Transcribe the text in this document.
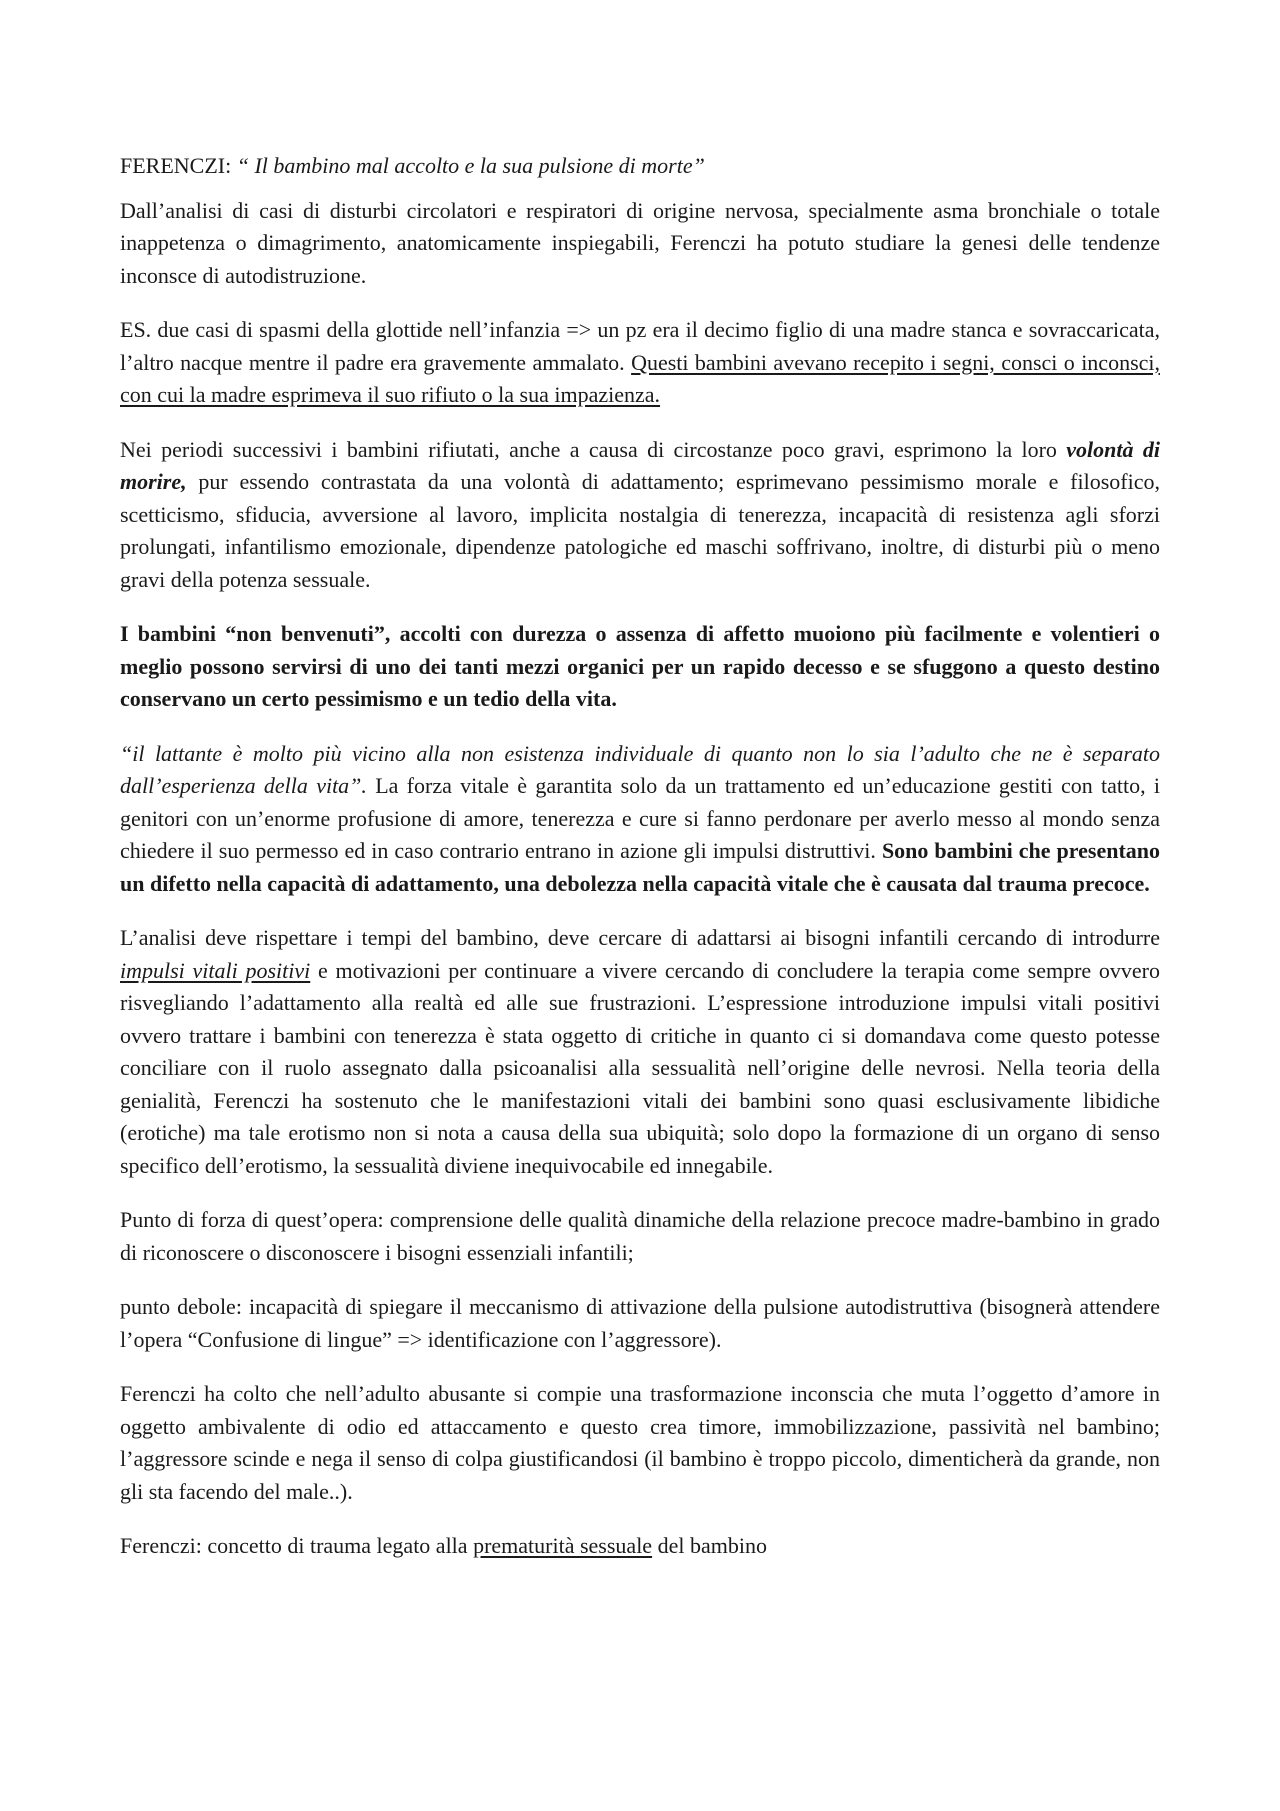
FERENCZI: “ Il bambino mal accolto e la sua pulsione di morte”

Dall’analisi di casi di disturbi circolatori e respiratori di origine nervosa, specialmente asma bronchiale o totale inappetenza o dimagrimento, anatomicamente inspiegabili, Ferenczi ha potuto studiare la genesi delle tendenze inconsce di autodistruzione.

ES. due casi di spasmi della glottide nell’infanzia => un pz era il decimo figlio di una madre stanca e sovraccaricata, l’altro nacque mentre il padre era gravemente ammalato. Questi bambini avevano recepito i segni, consci o inconsci, con cui la madre esprimeva il suo rifiuto o la sua impazienza.

Nei periodi successivi i bambini rifiutati, anche a causa di circostanze poco gravi, esprimono la loro volontà di morire, pur essendo contrastata da una volontà di adattamento; esprimevano pessimismo morale e filosofico, scetticismo, sfiducia, avversione al lavoro, implicita nostalgia di tenerezza, incapacità di resistenza agli sforzi prolungati, infantilismo emozionale, dipendenze patologiche ed maschi soffrivano, inoltre, di disturbi più o meno gravi della potenza sessuale.

I bambini “non benvenuti”, accolti con durezza o assenza di affetto muoiono più facilmente e volentieri o meglio possono servirsi di uno dei tanti mezzi organici per un rapido decesso e se sfuggono a questo destino conservano un certo pessimismo e un tedio della vita.

“il lattante è molto più vicino alla non esistenza individuale di quanto non lo sia l’adulto che ne è separato dall’esperienza della vita”. La forza vitale è garantita solo da un trattamento ed un’educazione gestiti con tatto, i genitori con un’enorme profusione di amore, tenerezza e cure si fanno perdonare per averlo messo al mondo senza chiedere il suo permesso ed in caso contrario entrano in azione gli impulsi distruttivi. Sono bambini che presentano un difetto nella capacità di adattamento, una debolezza nella capacità vitale che è causata dal trauma precoce.

L’analisi deve rispettare i tempi del bambino, deve cercare di adattarsi ai bisogni infantili cercando di introdurre impulsi vitali positivi e motivazioni per continuare a vivere cercando di concludere la terapia come sempre ovvero risvegliando l’adattamento alla realtà ed alle sue frustrazioni. L’espressione introduzione impulsi vitali positivi ovvero trattare i bambini con tenerezza è stata oggetto di critiche in quanto ci si domandava come questo potesse conciliare con il ruolo assegnato dalla psicoanalisi alla sessualità nell’origine delle nevrosi. Nella teoria della genialità, Ferenczi ha sostenuto che le manifestazioni vitali dei bambini sono quasi esclusivamente libidiche (erotiche) ma tale erotismo non si nota a causa della sua ubiquità; solo dopo la formazione di un organo di senso specifico dell’erotismo, la sessualità diviene inequivocabile ed innegabile.

Punto di forza di quest’opera: comprensione delle qualità dinamiche della relazione precoce madre-bambino in grado di riconoscere o disconoscere i bisogni essenziali infantili;

punto debole: incapacità di spiegare il meccanismo di attivazione della pulsione autodistruttiva (bisognerà attendere l’opera “Confusione di lingue” => identificazione con l’aggressore).

Ferenczi ha colto che nell’adulto abusante si compie una trasformazione inconscia che muta l’oggetto d’amore in oggetto ambivalente di odio ed attaccamento e questo crea timore, immobilizzazione, passività nel bambino; l’aggressore scinde e nega il senso di colpa giustificandosi (il bambino è troppo piccolo, dimenticherà da grande, non gli sta facendo del male..).

Ferenczi: concetto di trauma legato alla prematurità sessuale del bambino
